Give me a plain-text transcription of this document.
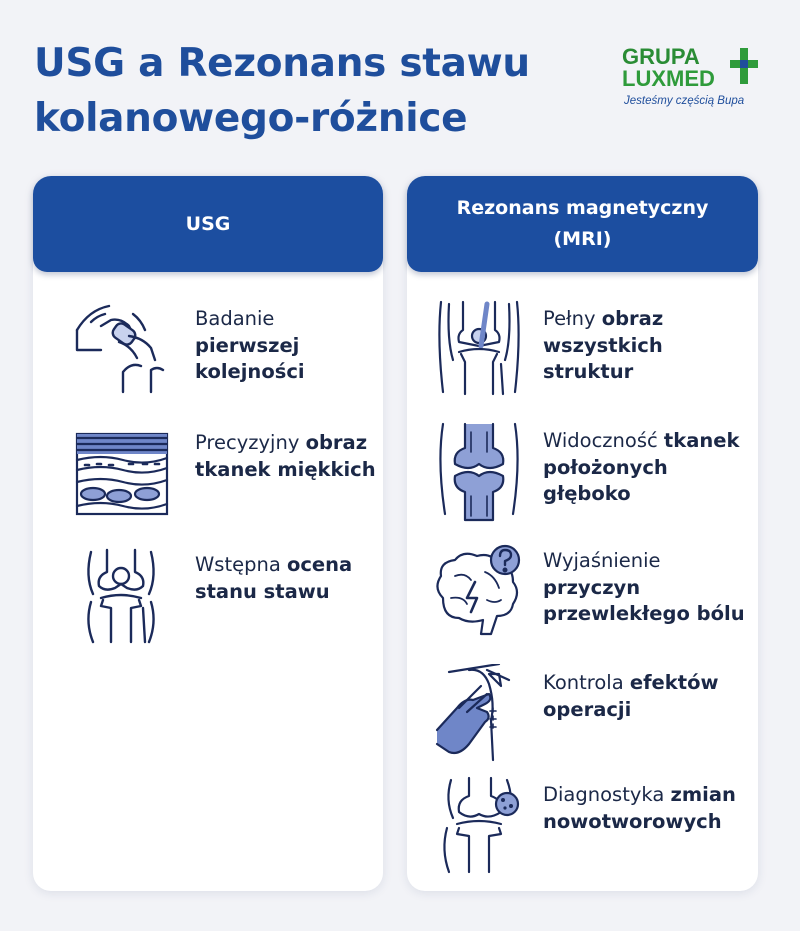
USG a Rezonans stawu
kolanowego-różnice
GRUPA
LUXMED
Jesteśmy częścią Bupa
USG
Badanie pierwszej kolejności
Precyzyjny obraz tkanek miękkich
Wstępna ocena stanu stawu
Rezonans magnetyczny
(MRI)
Pełny obraz wszystkich struktur
Widoczność tkanek położonych głęboko
Wyjaśnienie przyczyn przewlekłego bólu
Kontrola efektów operacji
Diagnostyka zmian nowotworowych
